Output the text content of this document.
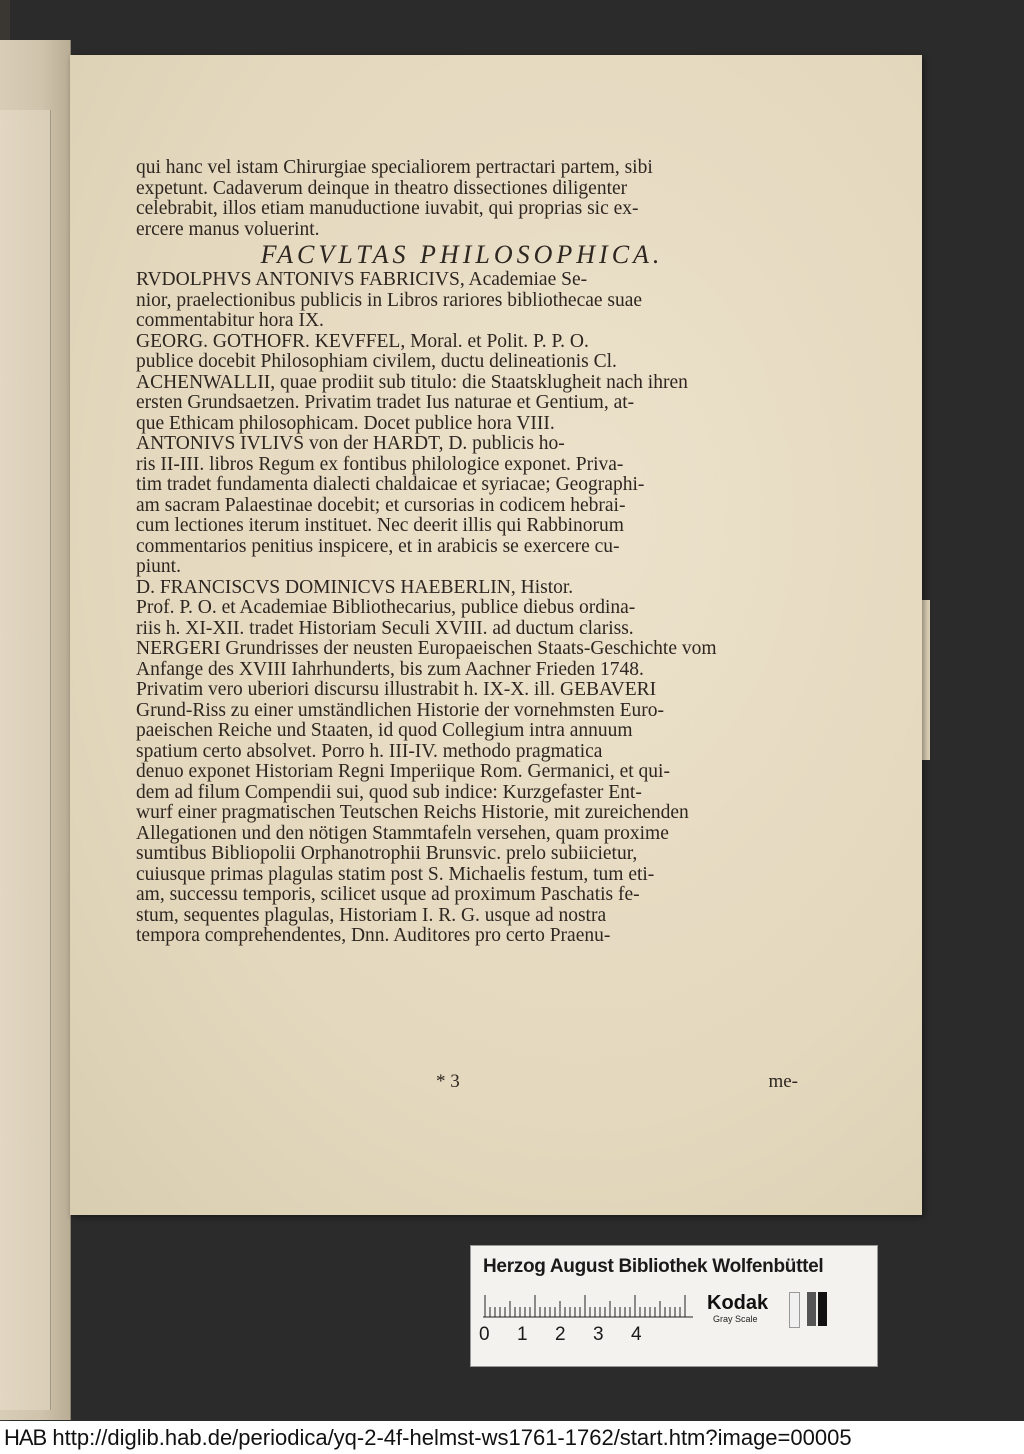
qui hanc vel istam Chirurgiae specialiorem pertractari partem, sibi
expetunt. Cadaverum deinque in theatro dissectiones diligenter
celebrabit, illos etiam manuductione iuvabit, qui proprias sic ex-
ercere manus voluerint.
FACVLTAS PHILOSOPHICA.
RVDOLPHVS ANTONIVS FABRICIVS, Academiae Se-
nior, praelectionibus publicis in Libros rariores bibliothecae suae
commentabitur hora IX.
GEORG. GOTHOFR. KEVFFEL, Moral. et Polit. P. P. O.
publice docebit Philosophiam civilem, ductu delineationis Cl.
ACHENWALLII, quae prodiit sub titulo: die Staatsklugheit nach ihren
ersten Grundsaetzen. Privatim tradet Ius naturae et Gentium, at-
que Ethicam philosophicam. Docet publice hora VIII.
ANTONIVS IVLIVS von der HARDT, D. publicis ho-
ris II-III. libros Regum ex fontibus philologice exponet. Priva-
tim tradet fundamenta dialecti chaldaicae et syriacae; Geographi-
am sacram Palaestinae docebit; et cursorias in codicem hebrai-
cum lectiones iterum instituet. Nec deerit illis qui Rabbinorum
commentarios penitius inspicere, et in arabicis se exercere cu-
piunt.
D. FRANCISCVS DOMINICVS HAEBERLIN, Histor.
Prof. P. O. et Academiae Bibliothecarius, publice diebus ordina-
riis h. XI-XII. tradet Historiam Seculi XVIII. ad ductum clariss.
NERGERI Grundrisses der neusten Europaeischen Staats-Geschichte vom
Anfange des XVIII Iahrhunderts, bis zum Aachner Frieden 1748.
Privatim vero uberiori discursu illustrabit h. IX-X. ill. GEBAVERI
Grund-Riss zu einer umständlichen Historie der vornehmsten Euro-
paeischen Reiche und Staaten, id quod Collegium intra annuum
spatium certo absolvet. Porro h. III-IV. methodo pragmatica
denuo exponet Historiam Regni Imperiique Rom. Germanici, et qui-
dem ad filum Compendii sui, quod sub indice: Kurzgefaster Ent-
wurf einer pragmatischen Teutschen Reichs Historie, mit zureichenden
Allegationen und den nötigen Stammtafeln versehen, quam proxime
sumtibus Bibliopolii Orphanotrophii Brunsvic. prelo subiicietur,
cuiusque primas plagulas statim post S. Michaelis festum, tum eti-
am, successu temporis, scilicet usque ad proximum Paschatis fe-
stum, sequentes plagulas, Historiam I. R. G. usque ad nostra
tempora comprehendentes, Dnn. Auditores pro certo Praenu-
* 3	me-
Herzog August Bibliothek Wolfenbüttel
0 1 2 3 4
Kodak
Gray Scale
HAB http://diglib.hab.de/periodica/yq-2-4f-helmst-ws1761-1762/start.htm?image=00005
